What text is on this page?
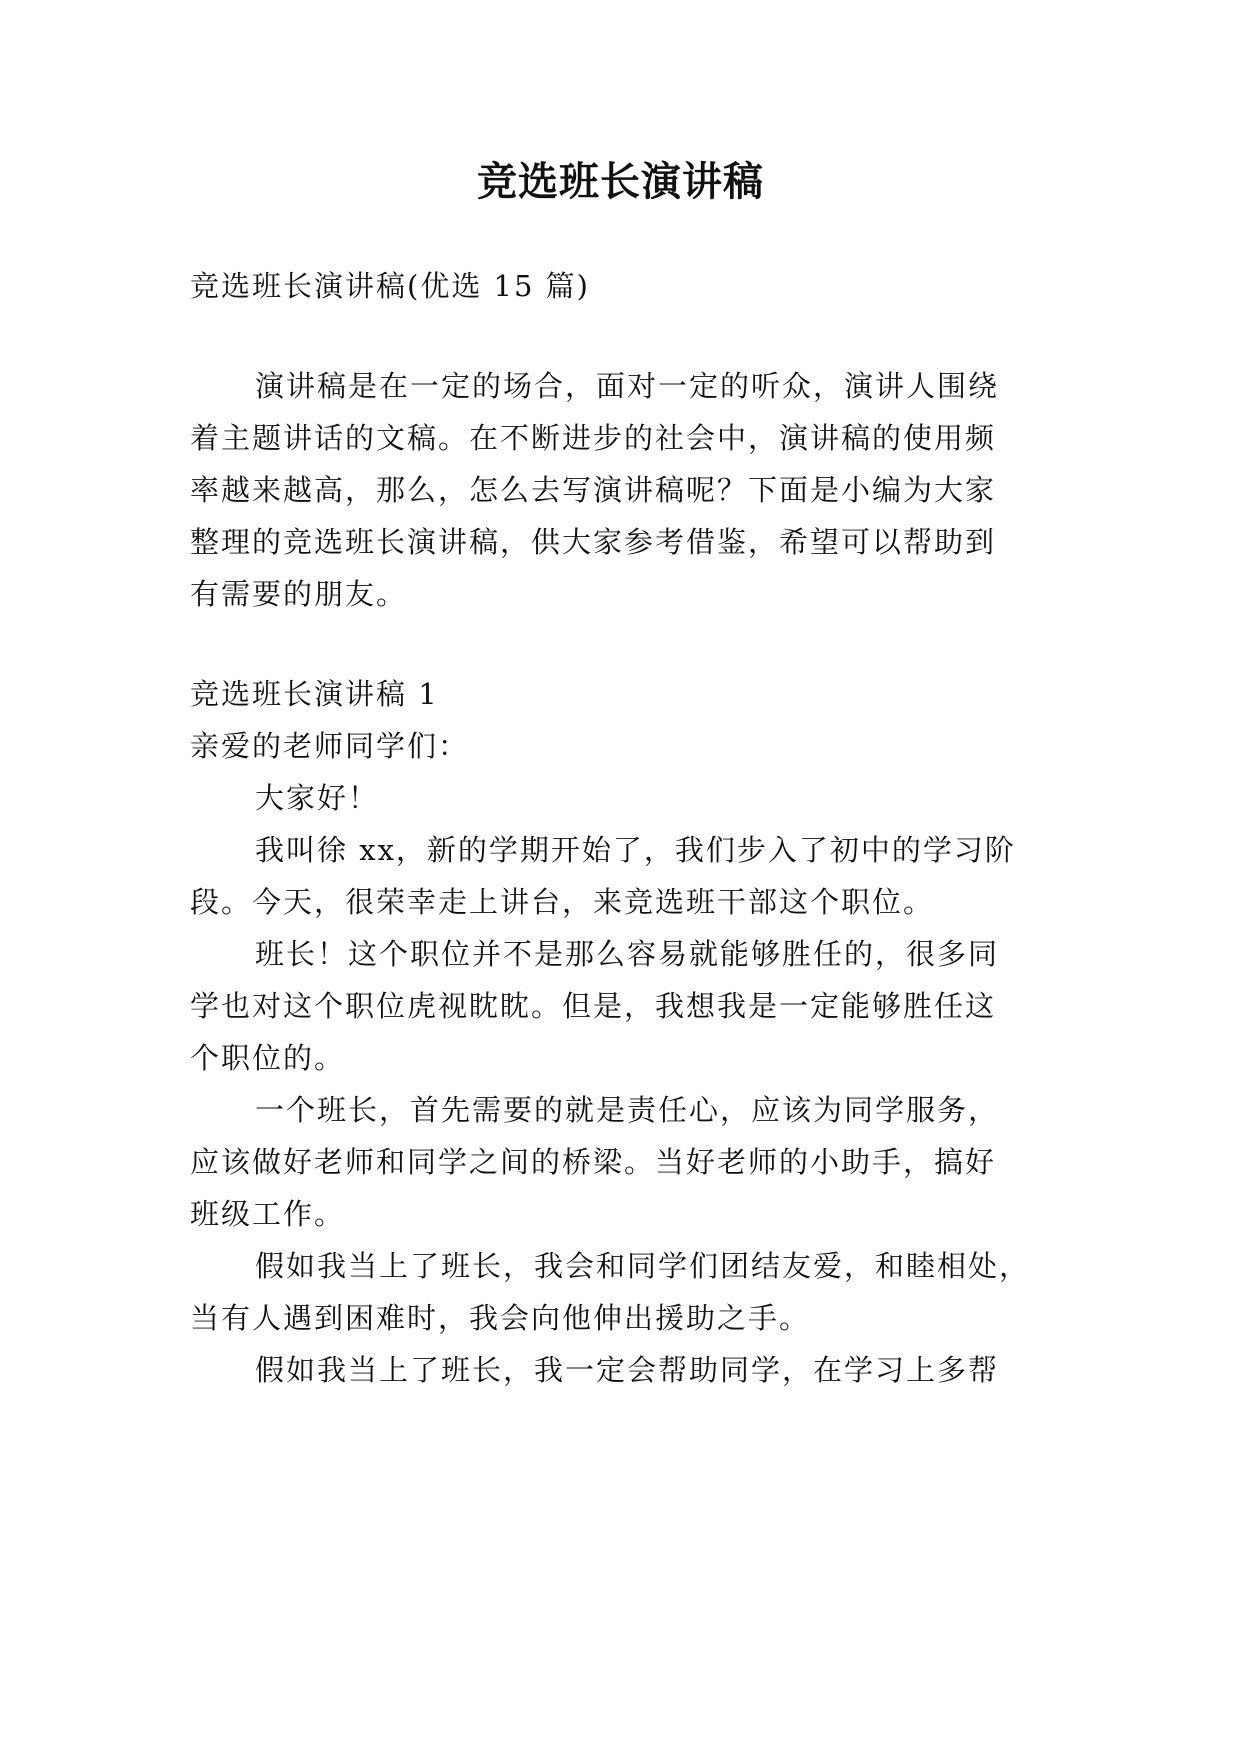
竞选班长演讲稿
竞选班长演讲稿(优选 15 篇)
演讲稿是在一定的场合，面对一定的听众，演讲人围绕
着主题讲话的文稿。在不断进步的社会中，演讲稿的使用频
率越来越高，那么，怎么去写演讲稿呢？下面是小编为大家
整理的竞选班长演讲稿，供大家参考借鉴，希望可以帮助到
有需要的朋友。
竞选班长演讲稿 1
亲爱的老师同学们：
大家好！
我叫徐 xx，新的学期开始了，我们步入了初中的学习阶
段。今天，很荣幸走上讲台，来竞选班干部这个职位。
班长！这个职位并不是那么容易就能够胜任的，很多同
学也对这个职位虎视眈眈。但是，我想我是一定能够胜任这
个职位的。
一个班长，首先需要的就是责任心，应该为同学服务，
应该做好老师和同学之间的桥梁。当好老师的小助手，搞好
班级工作。
假如我当上了班长，我会和同学们团结友爱，和睦相处，
当有人遇到困难时，我会向他伸出援助之手。
假如我当上了班长，我一定会帮助同学，在学习上多帮
